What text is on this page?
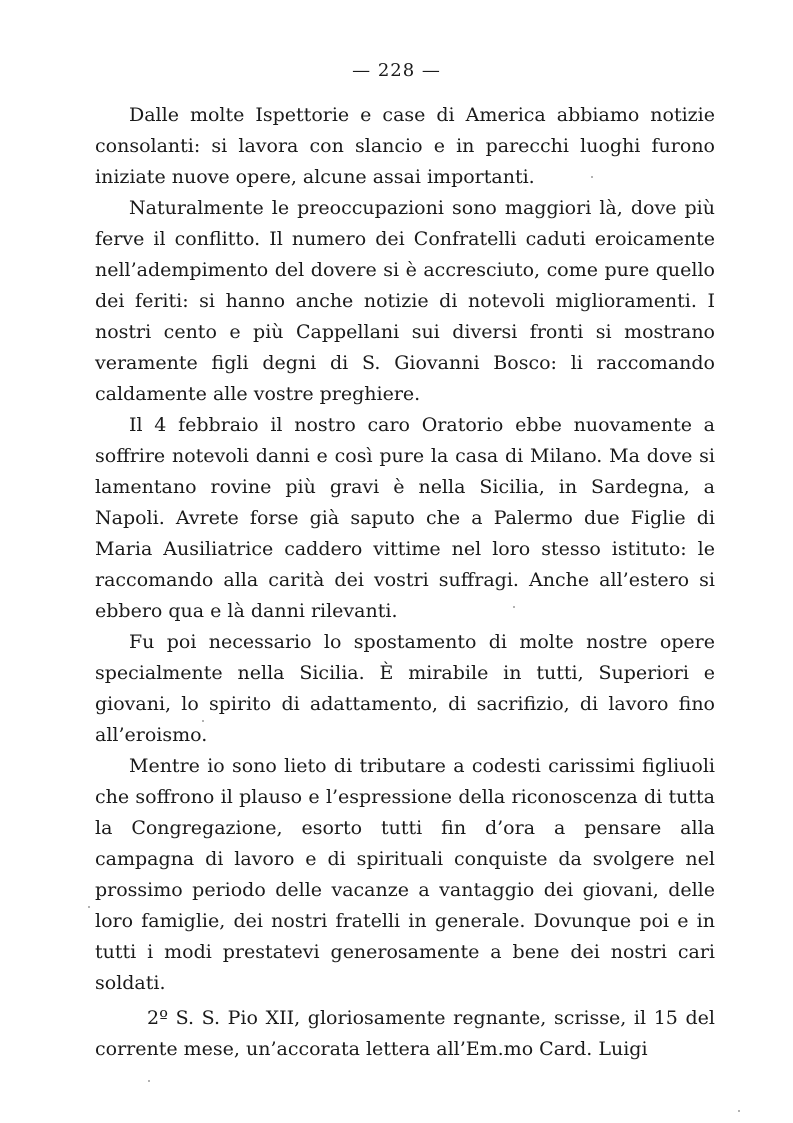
— 228 —

Dalle molte Ispettorie e case di America abbiamo notizie consolanti: si lavora con slancio e in parecchi luoghi furono iniziate nuove opere, alcune assai importanti.

Naturalmente le preoccupazioni sono maggiori là, dove più ferve il conflitto. Il numero dei Confratelli caduti eroicamente nell’adempimento del dovere si è accresciuto, come pure quello dei feriti: si hanno anche notizie di notevoli miglioramenti. I nostri cento e più Cappellani sui diversi fronti si mostrano veramente figli degni di S. Giovanni Bosco: li raccomando caldamente alle vostre preghiere.

Il 4 febbraio il nostro caro Oratorio ebbe nuovamente a soffrire notevoli danni e così pure la casa di Milano. Ma dove si lamentano rovine più gravi è nella Sicilia, in Sardegna, a Napoli. Avrete forse già saputo che a Palermo due Figlie di Maria Ausiliatrice caddero vittime nel loro stesso istituto: le raccomando alla carità dei vostri suffragi. Anche all’estero si ebbero qua e là danni rilevanti.

Fu poi necessario lo spostamento di molte nostre opere specialmente nella Sicilia. È mirabile in tutti, Superiori e giovani, lo spirito di adattamento, di sacrifizio, di lavoro fino all’eroismo.

Mentre io sono lieto di tributare a codesti carissimi figliuoli che soffrono il plauso e l’espressione della riconoscenza di tutta la Congregazione, esorto tutti fin d’ora a pensare alla campagna di lavoro e di spirituali conquiste da svolgere nel prossimo periodo delle vacanze a vantaggio dei giovani, delle loro famiglie, dei nostri fratelli in generale. Dovunque poi e in tutti i modi prestatevi generosamente a bene dei nostri cari soldati.

2º S. S. Pio XII, gloriosamente regnante, scrisse, il 15 del corrente mese, un’accorata lettera all’Em.mo Card. Luigi
